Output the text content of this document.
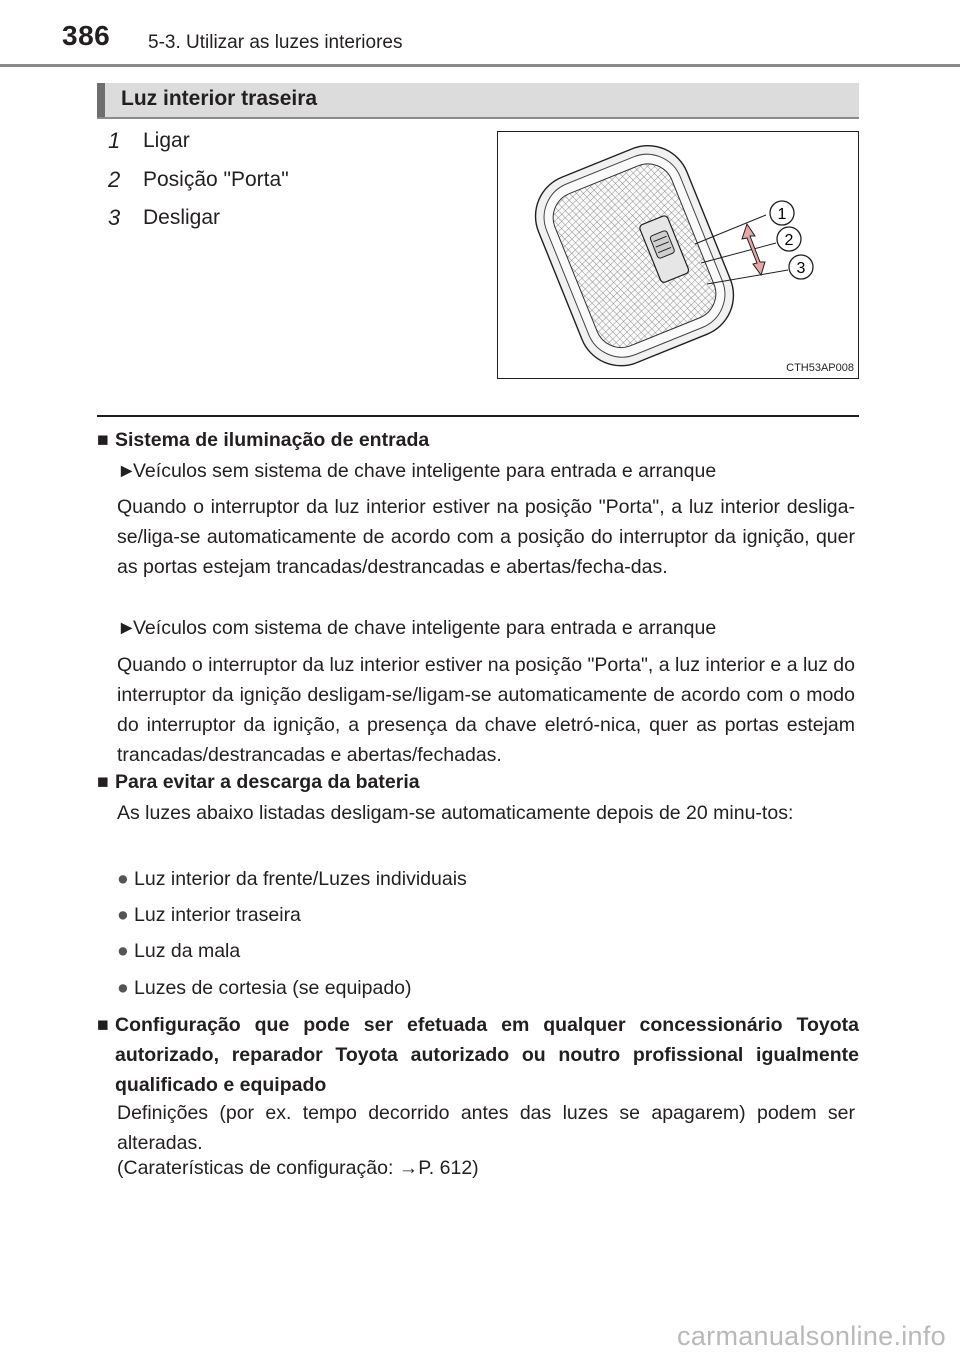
386 5-3. Utilizar as luzes interiores
Luz interior traseira
1	Ligar
2	Posição "Porta"
3	Desligar	1
2
3
CTH53AP008
■ Sistema de iluminação de entrada
►
Veículos sem sistema de chave inteligente para entrada e arranque
Quando o interruptor da luz interior estiver na posição "Porta", a luz interior desliga-se/liga-se automaticamente de acordo com a posição do interruptor da ignição, quer as portas estejam trancadas/destrancadas e abertas/fecha-das.
►
Veículos com sistema de chave inteligente para entrada e arranque
Quando o interruptor da luz interior estiver na posição "Porta", a luz interior e a luz do interruptor da ignição desligam-se/ligam-se automaticamente de acordo com o modo do interruptor da ignição, a presença da chave eletró-nica, quer as portas estejam trancadas/destrancadas e abertas/fechadas.
■ Para evitar a descarga da bateria
As luzes abaixo listadas desligam-se automaticamente depois de 20 minu-tos:
● Luz interior da frente/Luzes individuais
● Luz interior traseira
● Luz da mala
● Luzes de cortesia (se equipado)
■ Configuração que pode ser efetuada em qualquer concessionário Toyota autorizado, reparador Toyota autorizado ou noutro profissional igualmente qualificado e equipado
Definições (por ex. tempo decorrido antes das luzes se apagarem) podem ser alteradas.
(Caraterísticas de configuração: →P. 612)
carmanualsonline.info
